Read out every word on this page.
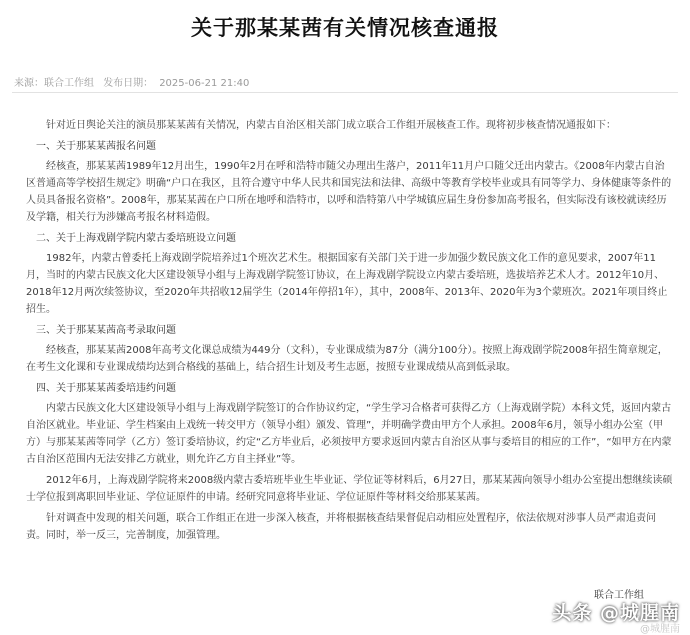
关于那某某茜有关情况核查通报
来源：联合工作组 发布日期： 2025-06-21 21:40

针对近日舆论关注的演员那某某茜有关情况，内蒙古自治区相关部门成立联合工作组开展核查工作。现将初步核查情况通报如下：

一、关于那某某茜报名问题

经核查，那某某茜1989年12月出生，1990年2月在呼和浩特市随父办理出生落户，2011年11月户口随父迁出内蒙古。《2008年内蒙古自治区普通高等学校招生规定》明确“户口在我区，且符合遵守中华人民共和国宪法和法律、高级中等教育学校毕业或具有同等学力、身体健康等条件的人员具备报名资格”。2008年，那某某茜在户口所在地呼和浩特市，以呼和浩特第八中学城镇应届生身份参加高考报名，但实际没有该校就读经历及学籍，相关行为涉嫌高考报名材料造假。

二、关于上海戏剧学院内蒙古委培班设立问题

1982年，内蒙古曾委托上海戏剧学院培养过1个班次艺术生。根据国家有关部门关于进一步加强少数民族文化工作的意见要求，2007年11月，当时的内蒙古民族文化大区建设领导小组与上海戏剧学院签订协议，在上海戏剧学院设立内蒙古委培班，选拔培养艺术人才。2012年10月、2018年12月两次续签协议，至2020年共招收12届学生（2014年停招1年），其中，2008年、2013年、2020年为3个蒙班次。2021年项目终止招生。

三、关于那某某茜高考录取问题

经核查，那某某茜2008年高考文化课总成绩为449分（文科），专业课成绩为87分（满分100分）。按照上海戏剧学院2008年招生简章规定，在考生文化课和专业课成绩均达到合格线的基础上，结合招生计划及考生志愿，按照专业课成绩从高到低录取。

四、关于那某某茜委培违约问题

内蒙古民族文化大区建设领导小组与上海戏剧学院签订的合作协议约定，“学生学习合格者可获得乙方（上海戏剧学院）本科文凭，返回内蒙古自治区就业。毕业证、学生档案由上戏统一转交甲方（领导小组）颁发、管理”，并明确学费由甲方个人承担。2008年6月，领导小组办公室（甲方）与那某某茜等同学（乙方）签订委培协议，约定“乙方毕业后，必须按甲方要求返回内蒙古自治区从事与委培目的相应的工作”，“如甲方在内蒙古自治区范围内无法安排乙方就业，则允许乙方自主择业”等。

2012年6月，上海戏剧学院将来2008级内蒙古委培班毕业生毕业证、学位证等材料后，6月27日，那某某茜向领导小组办公室提出想继续读硕士学位报到离职回毕业证、学位证原件的申请。经研究同意将毕业证、学位证原件等材料交给那某某茜。

针对调查中发现的相关问题，联合工作组正在进一步深入核查，并将根据核查结果督促启动相应处置程序，依法依规对涉事人员严肃追责问责。同时，举一反三，完善制度，加强管理。

联合工作组
头条 @城腥南
@城腥南
